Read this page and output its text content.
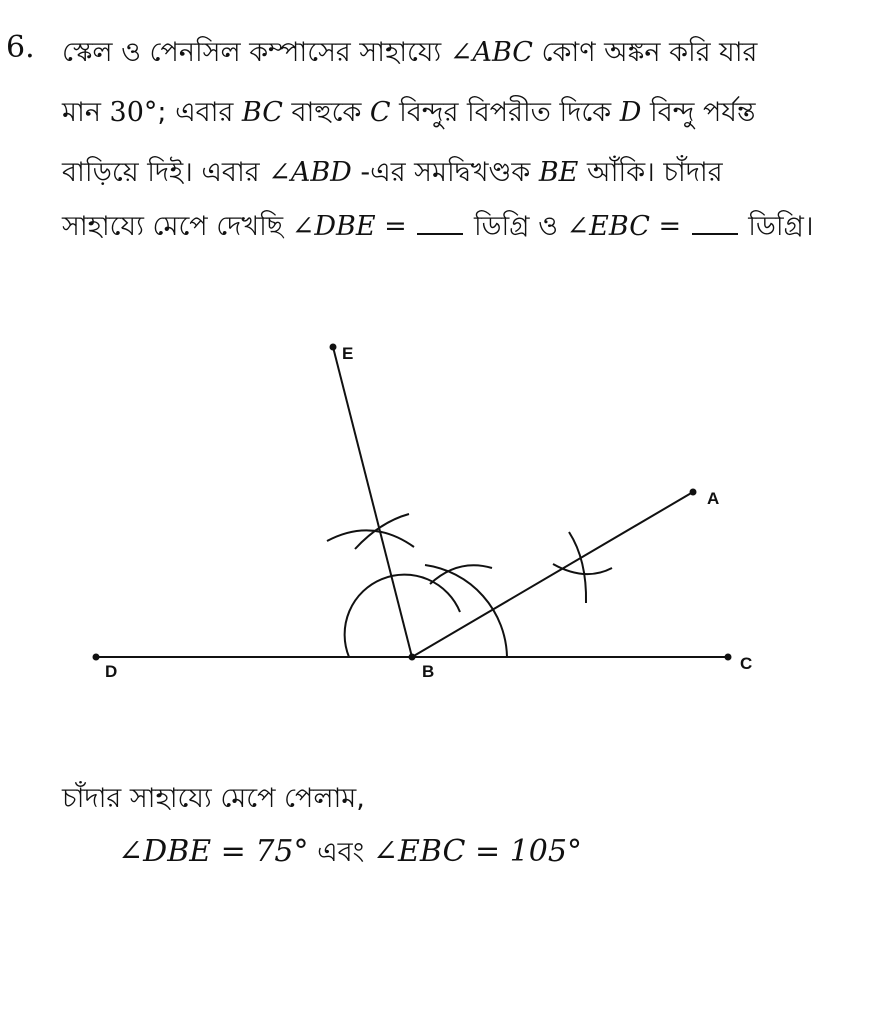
6. স্কেল ও পেনসিল কম্পাসের সাহায্যে ∠ABC কোণ অঙ্কন করি যার
মান 30°; এবার BC বাহুকে C বিন্দুর বিপরীত দিকে D বিন্দু পর্যন্ত
বাড়িয়ে দিই। এবার ∠ABD -এর সমদ্বিখণ্ডক BE আঁকি। চাঁদার
সাহায্যে মেপে দেখছি ∠DBE =  ডিগ্রি ও ∠EBC =  ডিগ্রি।
E
A
D	B	C
চাঁদার সাহায্যে মেপে পেলাম,
∠DBE = 75° এবং ∠EBC = 105°
